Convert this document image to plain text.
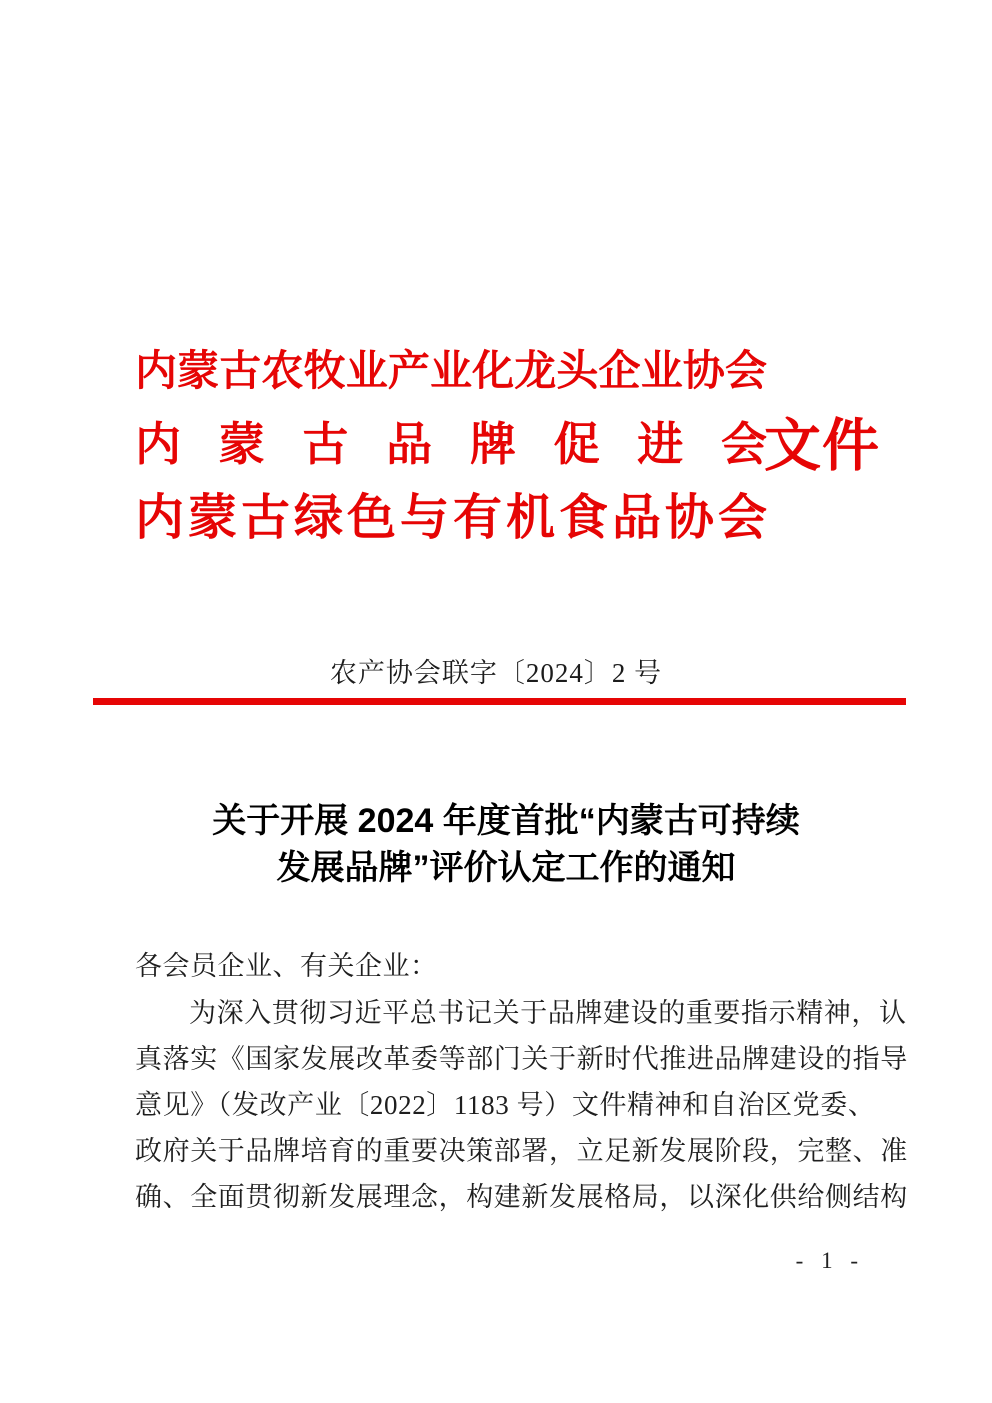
内蒙古农牧业产业化龙头企业协会
内蒙古品牌促进会
内蒙古绿色与有机食品协会
文件
农产协会联字〔2024〕2 号
关于开展 2024 年度首批“内蒙古可持续
发展品牌”评价认定工作的通知
各会员企业、有关企业：
为深入贯彻习近平总书记关于品牌建设的重要指示精神，认
真落实《国家发展改革委等部门关于新时代推进品牌建设的指导
意见》（发改产业〔2022〕1183 号）文件精神和自治区党委、
政府关于品牌培育的重要决策部署，立足新发展阶段，完整、准
确、全面贯彻新发展理念，构建新发展格局，以深化供给侧结构
- 1 -
